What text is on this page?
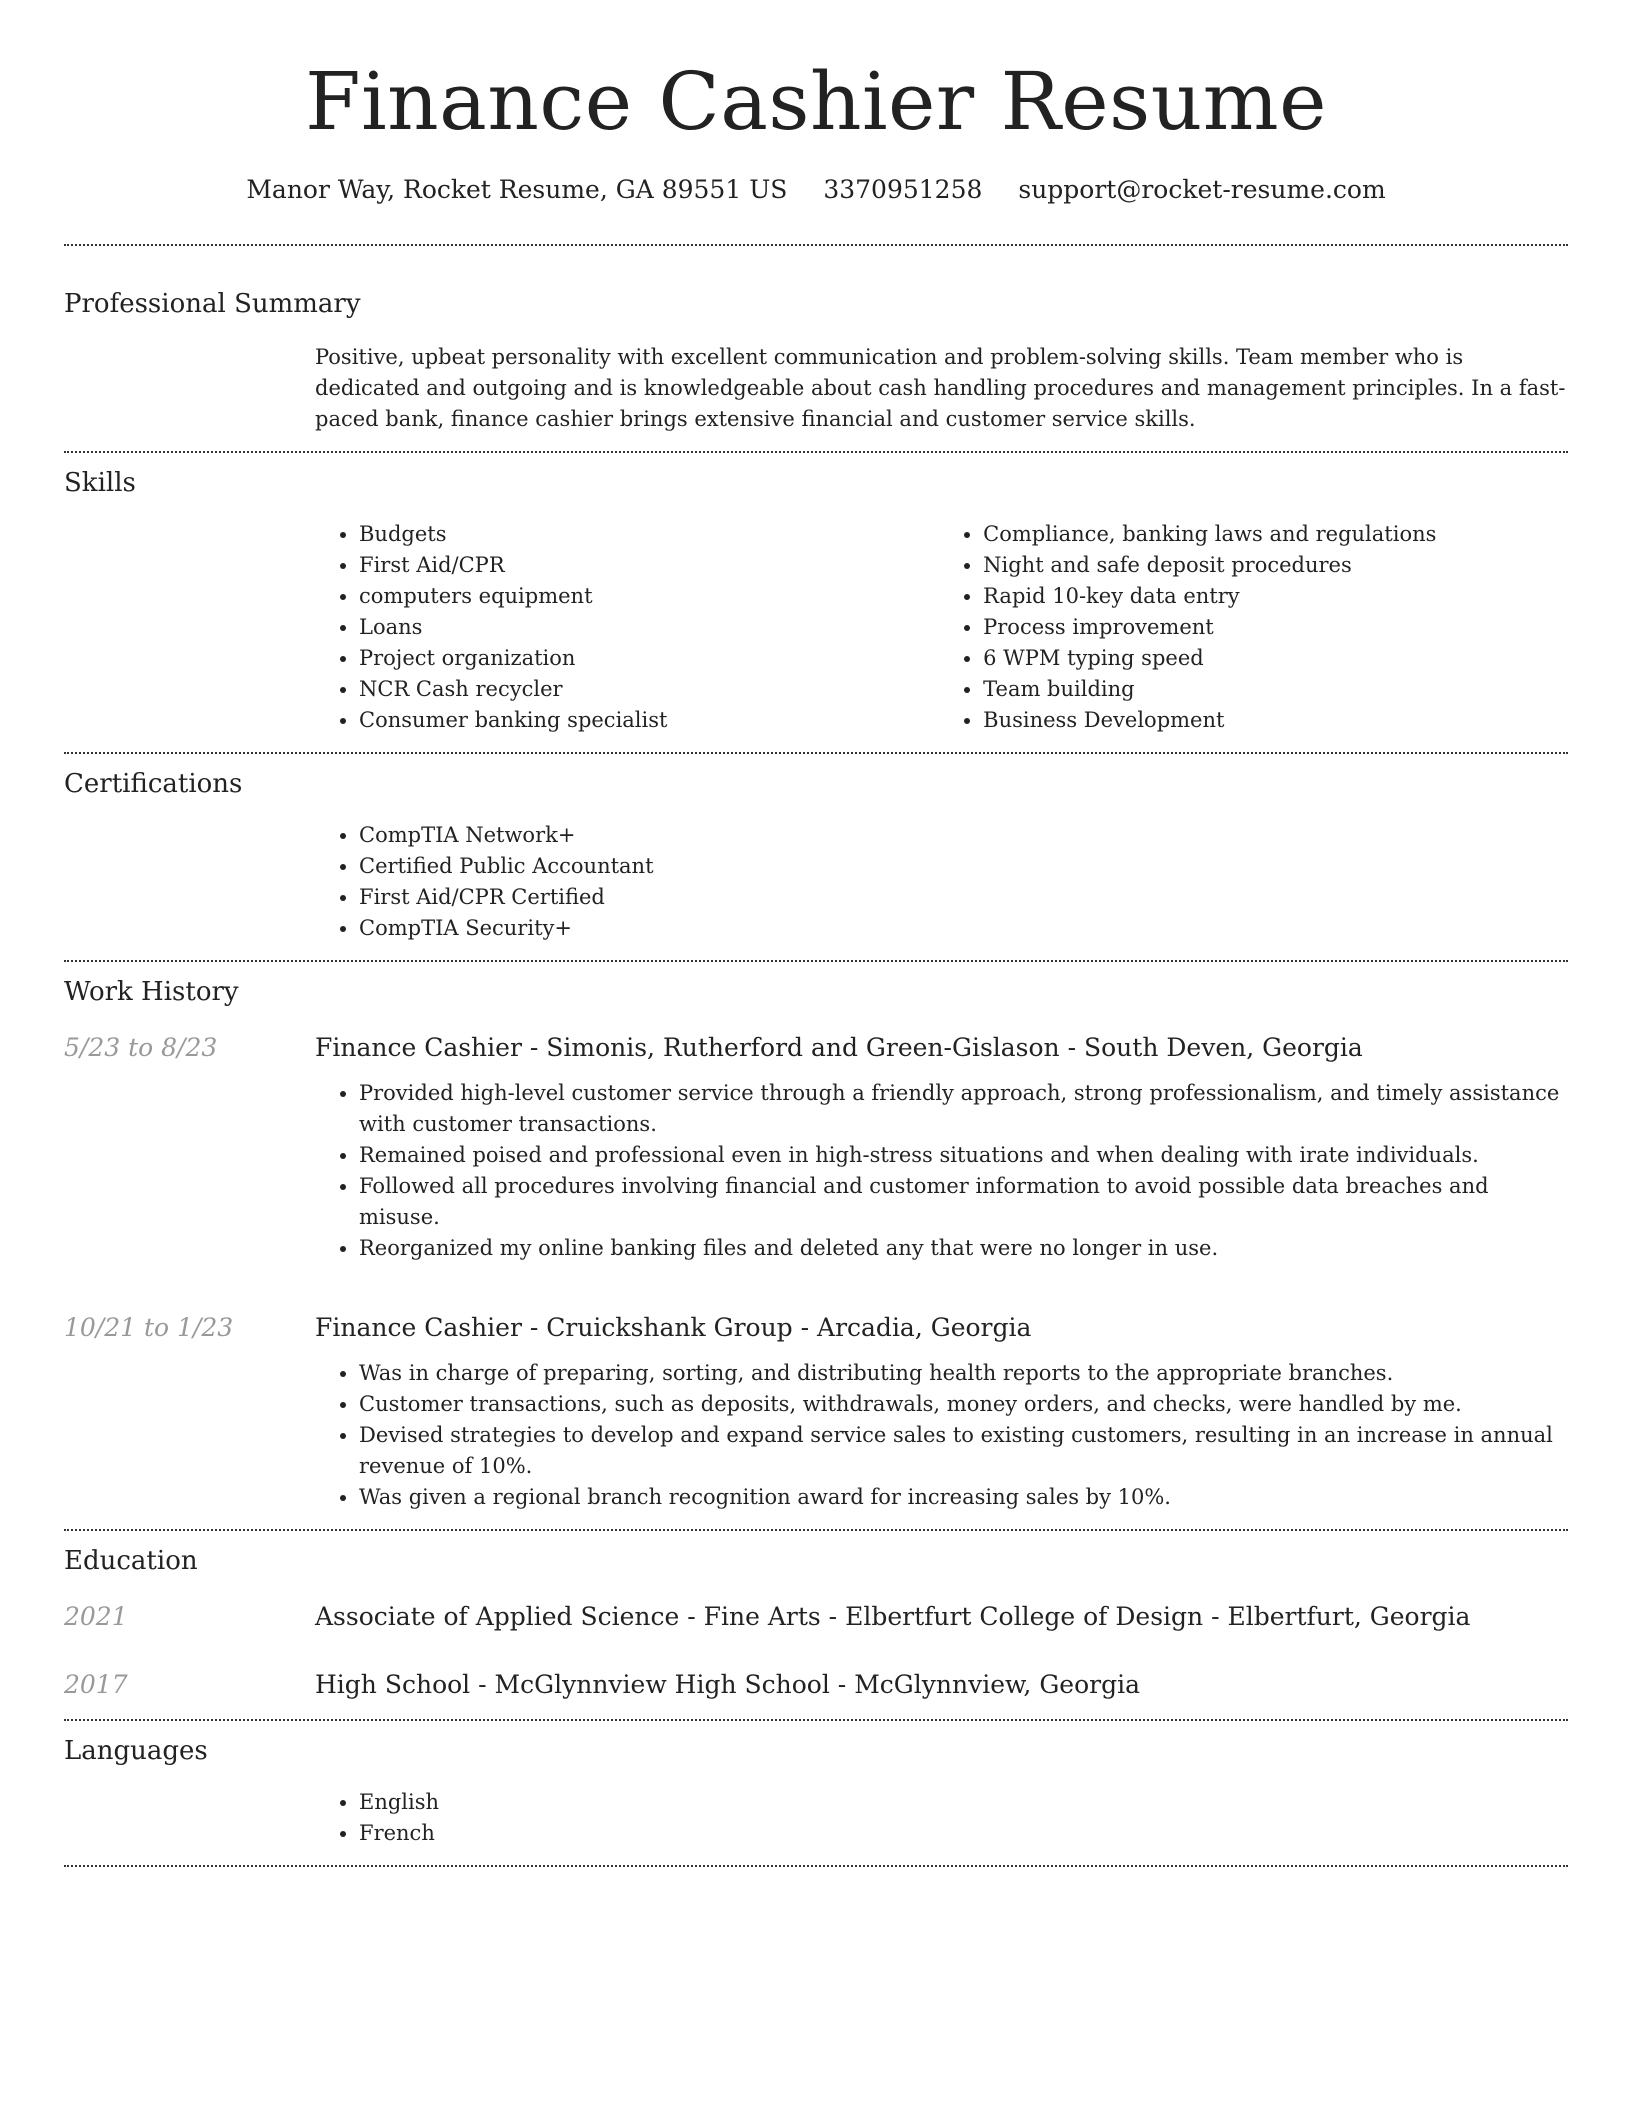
Finance Cashier Resume
Manor Way, Rocket Resume, GA 89551 US 3370951258 support@rocket-resume.com
Professional Summary

Positive, upbeat personality with excellent communication and problem-solving skills. Team member who is dedicated and outgoing and is knowledgeable about cash handling procedures and management principles. In a fast-paced bank, finance cashier brings extensive financial and customer service skills.

Skills
• Budgets
• First Aid/CPR
• computers equipment
• Loans
• Project organization
• NCR Cash recycler
• Consumer banking specialist
• Compliance, banking laws and regulations
• Night and safe deposit procedures
• Rapid 10-key data entry
• Process improvement
• 6 WPM typing speed
• Team building
• Business Development
Certifications
• CompTIA Network+
• Certified Public Accountant
• First Aid/CPR Certified
• CompTIA Security+
Work History
5/23 to 8/23	Finance Cashier - Simonis, Rutherford and Green-Gislason - South Deven, Georgia
• Provided high-level customer service through a friendly approach, strong professionalism, and timely assistance with customer transactions.
• Remained poised and professional even in high-stress situations and when dealing with irate individuals.
• Followed all procedures involving financial and customer information to avoid possible data breaches and misuse.
• Reorganized my online banking files and deleted any that were no longer in use.
10/21 to 1/23	Finance Cashier - Cruickshank Group - Arcadia, Georgia
• Was in charge of preparing, sorting, and distributing health reports to the appropriate branches.
• Customer transactions, such as deposits, withdrawals, money orders, and checks, were handled by me.
• Devised strategies to develop and expand service sales to existing customers, resulting in an increase in annual revenue of 10%.
• Was given a regional branch recognition award for increasing sales by 10%.
Education
2021	Associate of Applied Science - Fine Arts - Elbertfurt College of Design - Elbertfurt, Georgia
2017	High School - McGlynnview High School - McGlynnview, Georgia
Languages
• English
• French
